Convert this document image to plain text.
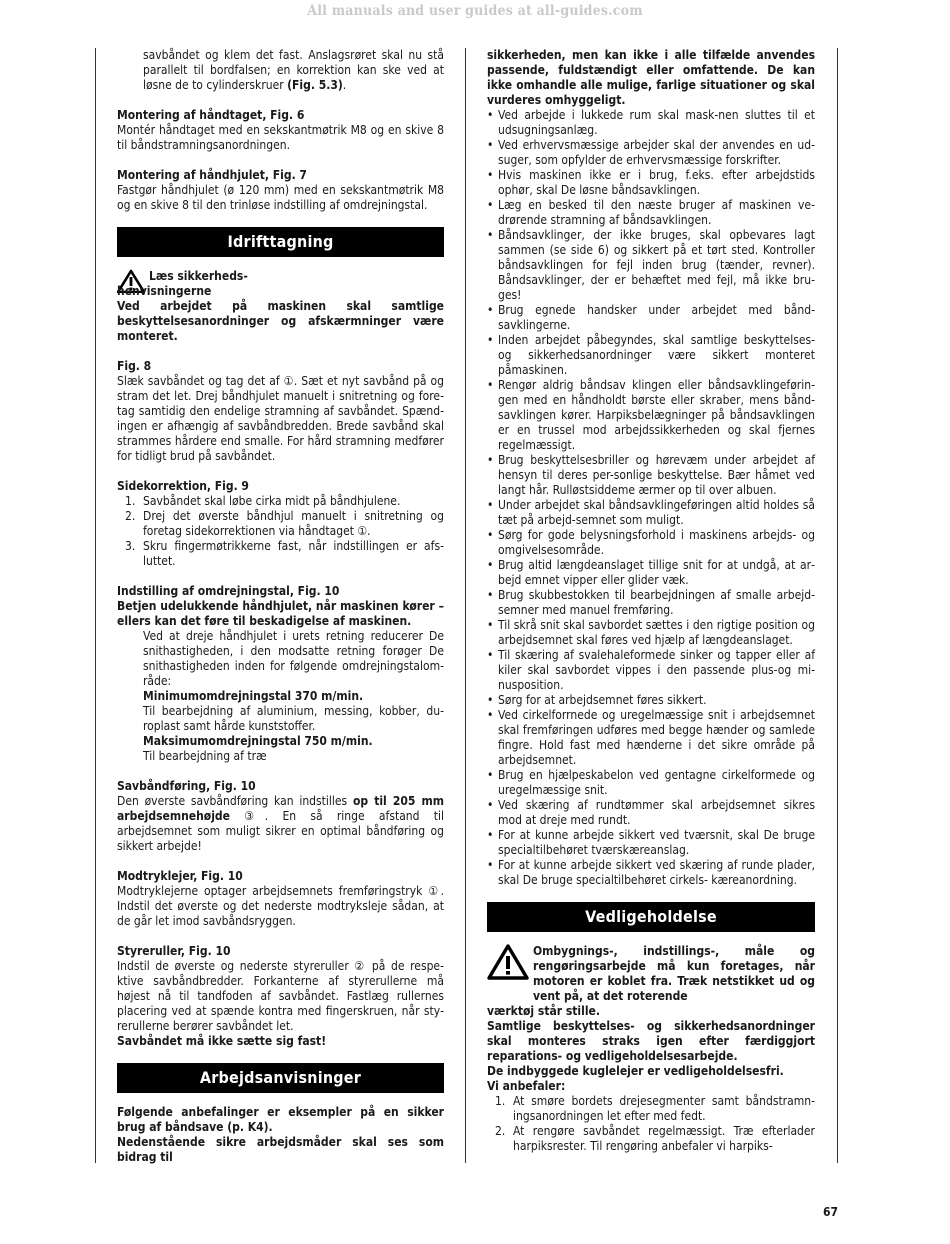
All manuals and user guides at all-guides.com

savbåndet og klem det fast. Anslagsrøret skal nu stå parallelt til bordfalsen; en korrektion kan ske ved at løsne de to cylinderskruer (Fig. 5.3).

Montering af håndtaget, Fig. 6

Montér håndtaget med en sekskantmøtrik M8 og en skive 8 til båndstramningsanordningen.

Montering af håndhjulet, Fig. 7

Fastgør håndhjulet (ø 120 mm) med en sekskantmøtrik M8 og en skive 8 til den trinløse indstilling af omdrejningstal.

Idrifttagning
Læs sikkerheds-
henvisningerne

Ved arbejdet på maskinen skal samtlige beskyttelsesanordninger og afskærmninger være monteret.

Fig. 8

Slæk savbåndet og tag det af ①. Sæt et nyt savbånd på og stram det let. Drej båndhjulet manuelt i snitretning og foretag samtidig den endelige stramning af savbåndet. Spændingen er afhængig af savbåndbredden. Brede savbånd skal strammes hårdere end smalle. For hård stramning medfører for tidligt brud på savbåndet.

Sidekorrektion, Fig. 9

1. Savbåndet skal løbe cirka midt på båndhjulene.
2. Drej det øverste båndhjul manuelt i snitretning og foretag sidekorrektionen via håndtaget ①.
3. Skru fingermøtrikkerne fast, når indstillingen er afsluttet.

Indstilling af omdrejningstal, Fig. 10

Betjen udelukkende håndhjulet, når maskinen kører – ellers kan det føre til beskadigelse af maskinen.

Ved at dreje håndhjulet i urets retning reducerer De snithastigheden, i den modsatte retning forøger De snithastigheden inden for følgende omdrejningstalområde:

Minimumomdrejningstal 370 m/min.

Til bearbejdning af aluminium, messing, kobber, duroplast samt hårde kunststoffer.

Maksimumomdrejningstal 750 m/min.

Til bearbejdning af træ

Savbåndføring, Fig. 10

Den øverste savbåndføring kan indstilles op til 205 mm arbejdsemnehøjde ③. En så ringe afstand til arbejdsemnet som muligt sikrer en optimal båndføring og sikkert arbejde!

Modtryklejer, Fig. 10

Modtryklejerne optager arbejdsemnets fremføringstryk ①. Indstil det øverste og det nederste modtryksleje sådan, at de går let imod savbåndsryggen.

Styreruller, Fig. 10

Indstil de øverste og nederste styreruller ② på de respektive savbåndbredder. Forkanterne af styrerullerne må højest nå til tandfoden af savbåndet. Fastlæg rullernes placering ved at spænde kontra med fingerskruen, når styrerullerne berører savbåndet let.

Savbåndet må ikke sætte sig fast!

Arbejdsanvisninger

Følgende anbefalinger er eksempler på en sikker brug af båndsave (p. K4).

Nedenstående sikre arbejdsmåder skal ses som bidrag til

sikkerheden, men kan ikke i alle tilfælde anvendes passende, fuldstændigt eller omfattende. De kan ikke omhandle alle mulige, farlige situationer og skal vurderes omhyggeligt.

• Ved arbejde i lukkede rum skal mask-nen sluttes til et udsugningsanlæg.
• Ved erhvervsmæssige arbejder skal der anvendes en udsuger, som opfylder de erhvervsmæssige forskrifter.
• Hvis maskinen ikke er i brug, f.eks. efter arbejdstids ophør, skal De løsne båndsavklingen.
• Læg en besked til den næste bruger af maskinen vedrørende stramning af båndsavklingen.
• Båndsavklinger, der ikke bruges, skal opbevares lagt sammen (se side 6) og sikkert på et tørt sted. Kontroller båndsavklingen for fejl inden brug (tænder, revner). Båndsavklinger, der er behæftet med fejl, må ikke bruges!
• Brug egnede handsker under arbejdet med båndsavklingerne.
• Inden arbejdet påbegyndes, skal samtlige beskyttelses- og sikkerhedsanordninger være sikkert monteret påmaskinen.
• Rengør aldrig båndsav klingen eller båndsavklingeføringen med en håndholdt børste eller skraber, mens båndsavklingen kører. Harpiksbelægninger på båndsavklingen er en trussel mod arbejdssikkerheden og skal fjernes regelmæssigt.
• Brug beskyttelsesbriller og hørevæm under arbejdet af hensyn til deres per-sonlige beskyttelse. Bær håmet ved langt hår. Rulløstsiddeme ærmer op til over albuen.
• Under arbejdet skal båndsavklingeføringen altid holdes så tæt på arbejd-semnet som muligt.
• Sørg for gode belysningsforhold i maskinens arbejds- og omgivelsesområde.
• Brug altid længdeanslaget tillige snit for at undgå, at arbejd emnet vipper eller glider væk.
• Brug skubbestokken til bearbejdningen af smalle arbejdsemner med manuel fremføring.
• Til skrå snit skal savbordet sættes i den rigtige position og arbejdsemnet skal føres ved hjælp af længdeanslaget.
• Til skæring af svalehaleformede sinker og tapper eller af kiler skal savbordet vippes i den passende plus-og minusposition.
• Sørg for at arbejdsemnet føres sikkert.
• Ved cirkelforrnede og uregelmæssige snit i arbejdsemnet skal fremføringen udføres med begge hænder og samlede fingre. Hold fast med hænderne i det sikre område på arbejdsemnet.
• Brug en hjælpeskabelon ved gentagne cirkelformede og uregelmæssige snit.
• Ved skæring af rundtømmer skal arbejdsemnet sikres mod at dreje med rundt.
• For at kunne arbejde sikkert ved tværsnit, skal De bruge specialtilbehøret tværskæreanslag.
• For at kunne arbejde sikkert ved skæring af runde plader, skal De bruge specialtilbehøret cirkels- kæreanordning.
Vedligeholdelse

Ombygnings-, indstillings-, måle og rengøringsarbejde må kun foretages, når motoren er koblet fra. Træk netstikket ud og vent på, at det roterende

værktøj står stille.

Samtlige beskyttelses- og sikkerhedsanordninger skal monteres straks igen efter færdiggjort reparations- og vedligeholdelsesarbejde.

De indbyggede kuglelejer er vedligeholdelsesfri.

Vi anbefaler:

1. At smøre bordets drejesegmenter samt båndstramningsanordningen let efter med fedt.
2. At rengøre savbåndet regelmæssigt. Træ efterlader harpiksrester. Til rengøring anbefaler vi harpiks-
67
